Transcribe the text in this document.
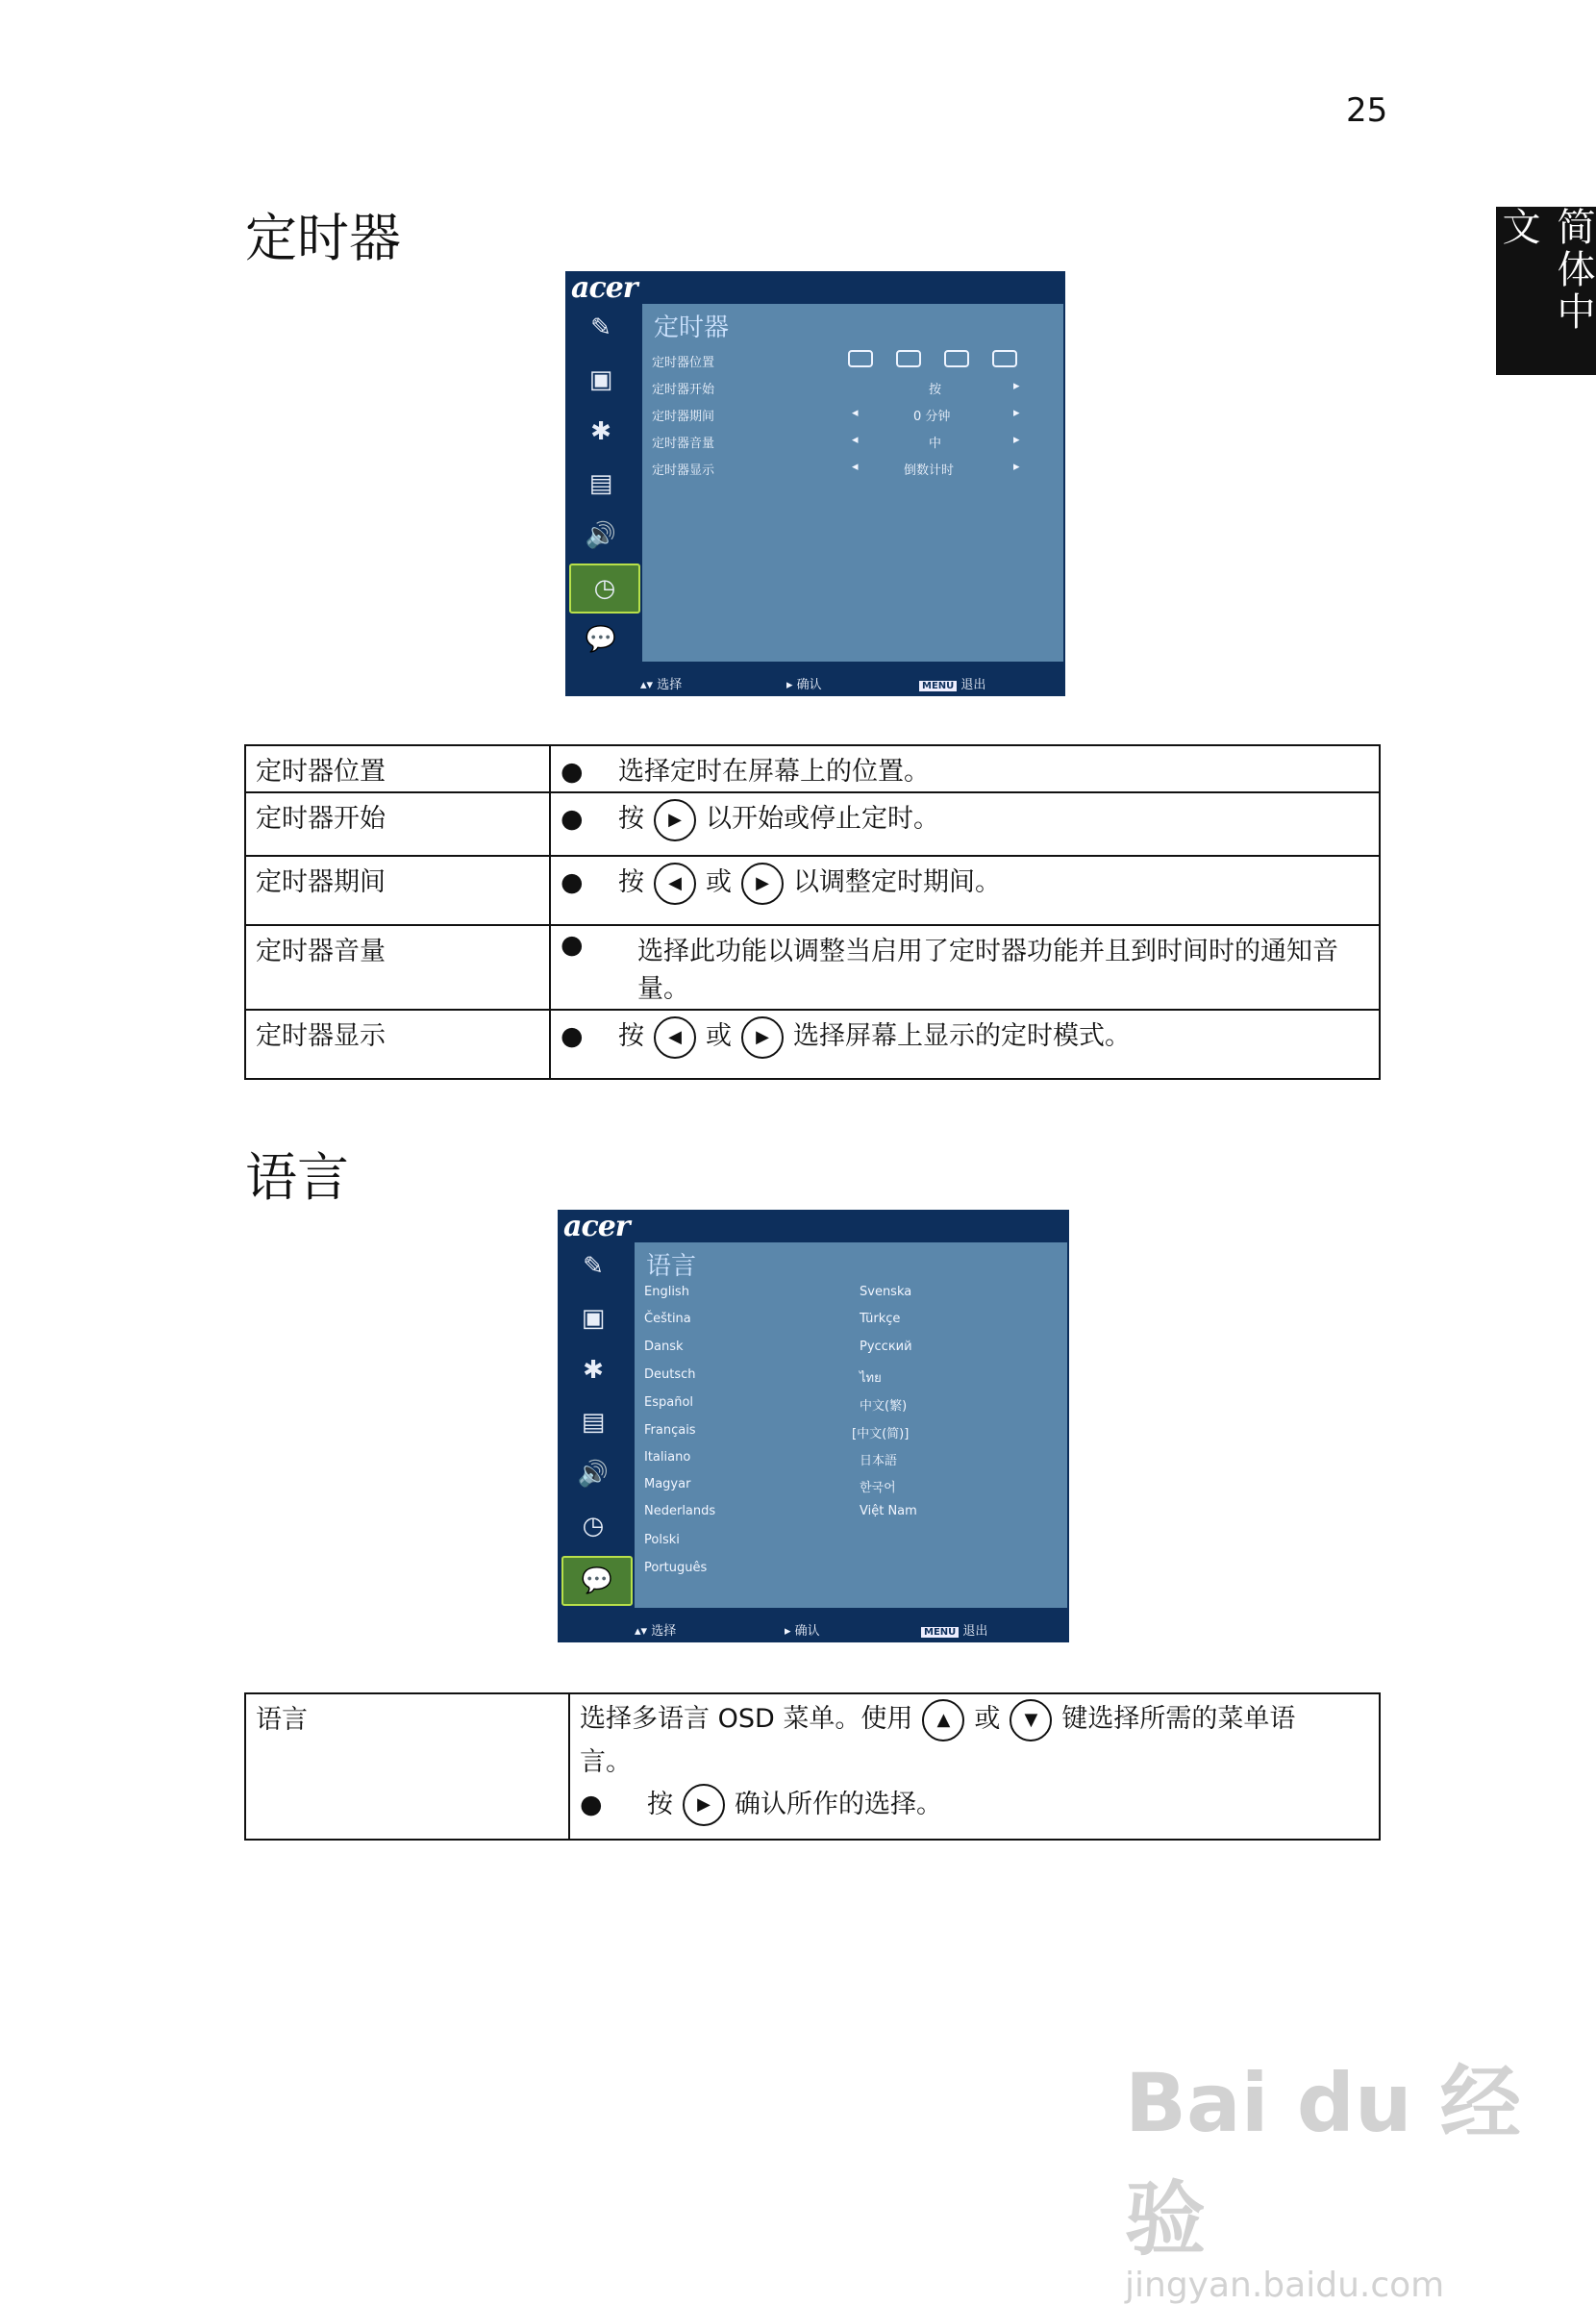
25
简体中文
定时器
acer
✎
▣
✱
▤
🔊
◷
💬
定时器
定时器位置
定时器开始	按	▸
定时器期间	◂	0 分钟	▸
定时器音量	◂	中	▸
定时器显示	◂	倒数计时	▸
▴▾ 选择	▸ 确认	MENU 退出
定时器位置	● 选择定时在屏幕上的位置。
定时器开始	● 按 ▶ 以开始或停止定时。
定时器期间	● 按 ◀ 或 ▶ 以调整定时期间。
定时器音量	● 选择此功能以调整当启用了定时器功能并且到时间时的通知音量。

定时器显示	● 按 ◀ 或 ▶ 选择屏幕上显示的定时模式。
语言
acer
✎
▣
✱
▤
🔊
◷
💬
语言
English
Čeština
Dansk
Deutsch
Español
Français
Italiano
Magyar
Nederlands
Polski
Português
Svenska
Türkçe
Русский
ไทย
中文(繁)
[中文(简)]
日本語
한국어
Việt Nam
▴▾ 选择	▸ 确认	MENU 退出
语言	选择多语言 OSD 菜单。使用 ▲ 或 ▼ 键选择所需的菜单语
言。
● 按 ▶ 确认所作的选择。
Bai du 经验
jingyan.baidu.com
